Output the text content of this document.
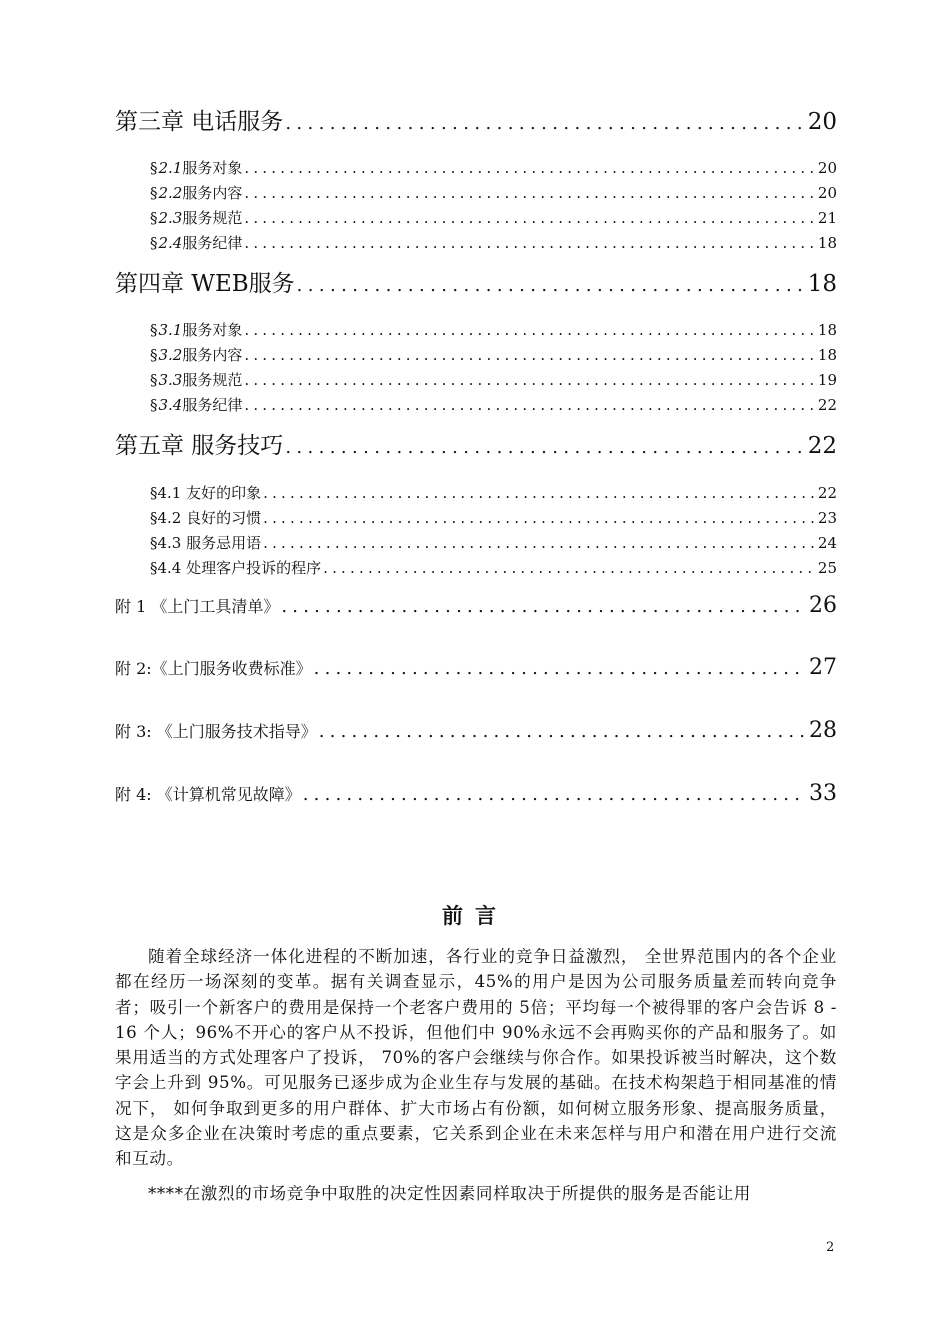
第三章 电话服务 .....	20
§ 2.1 服务对象 .....	20
§ 2.2 服务内容 .....	20
§ 2.3 服务规范 .....	21
§ 2.4 服务纪律 .....	18
第四章 WEB服务 .....	18
§ 3.1 服务对象 .....	18
§ 3.2 服务内容 .....	18
§ 3.3 服务规范 .....	19
§ 3.4 服务纪律 .....	22
第五章 服务技巧 .....	22
§4.1 友好的印象 .....	22
§4.2 良好的习惯 .....	23
§4.3 服务忌用语 .....	24
§4.4 处理客户投诉的程序 .....	25
附 1 《上门工具清单》 .....	26
附 2:《上门服务收费标准》 .....	27
附 3: 《上门服务技术指导》 .....	28
附 4: 《计算机常见故障》 .....	33
前言

随着全球经济一体化进程的不断加速，各行业的竞争日益激烈， 全世界范围内的各个企业都在经历一场深刻的变革。据有关调查显示，45%的用户是因为公司服务质量差而转向竞争者；吸引一个新客户的费用是保持一个老客户费用的 5倍；平均每一个被得罪的客户会告诉 8 - 16 个人；96%不开心的客户从不投诉，但他们中 90%永远不会再购买你的产品和服务了。如果用适当的方式处理客户了投诉， 70%的客户会继续与你合作。如果投诉被当时解决，这个数字会上升到 95%。可见服务已逐步成为企业生存与发展的基础。在技术构架趋于相同基准的情况下， 如何争取到更多的用户群体、扩大市场占有份额，如何树立服务形象、提高服务质量，这是众多企业在决策时考虑的重点要素，它关系到企业在未来怎样与用户和潜在用户进行交流和互动。

****在激烈的市场竞争中取胜的决定性因素同样取决于所提供的服务是否能让用

2
